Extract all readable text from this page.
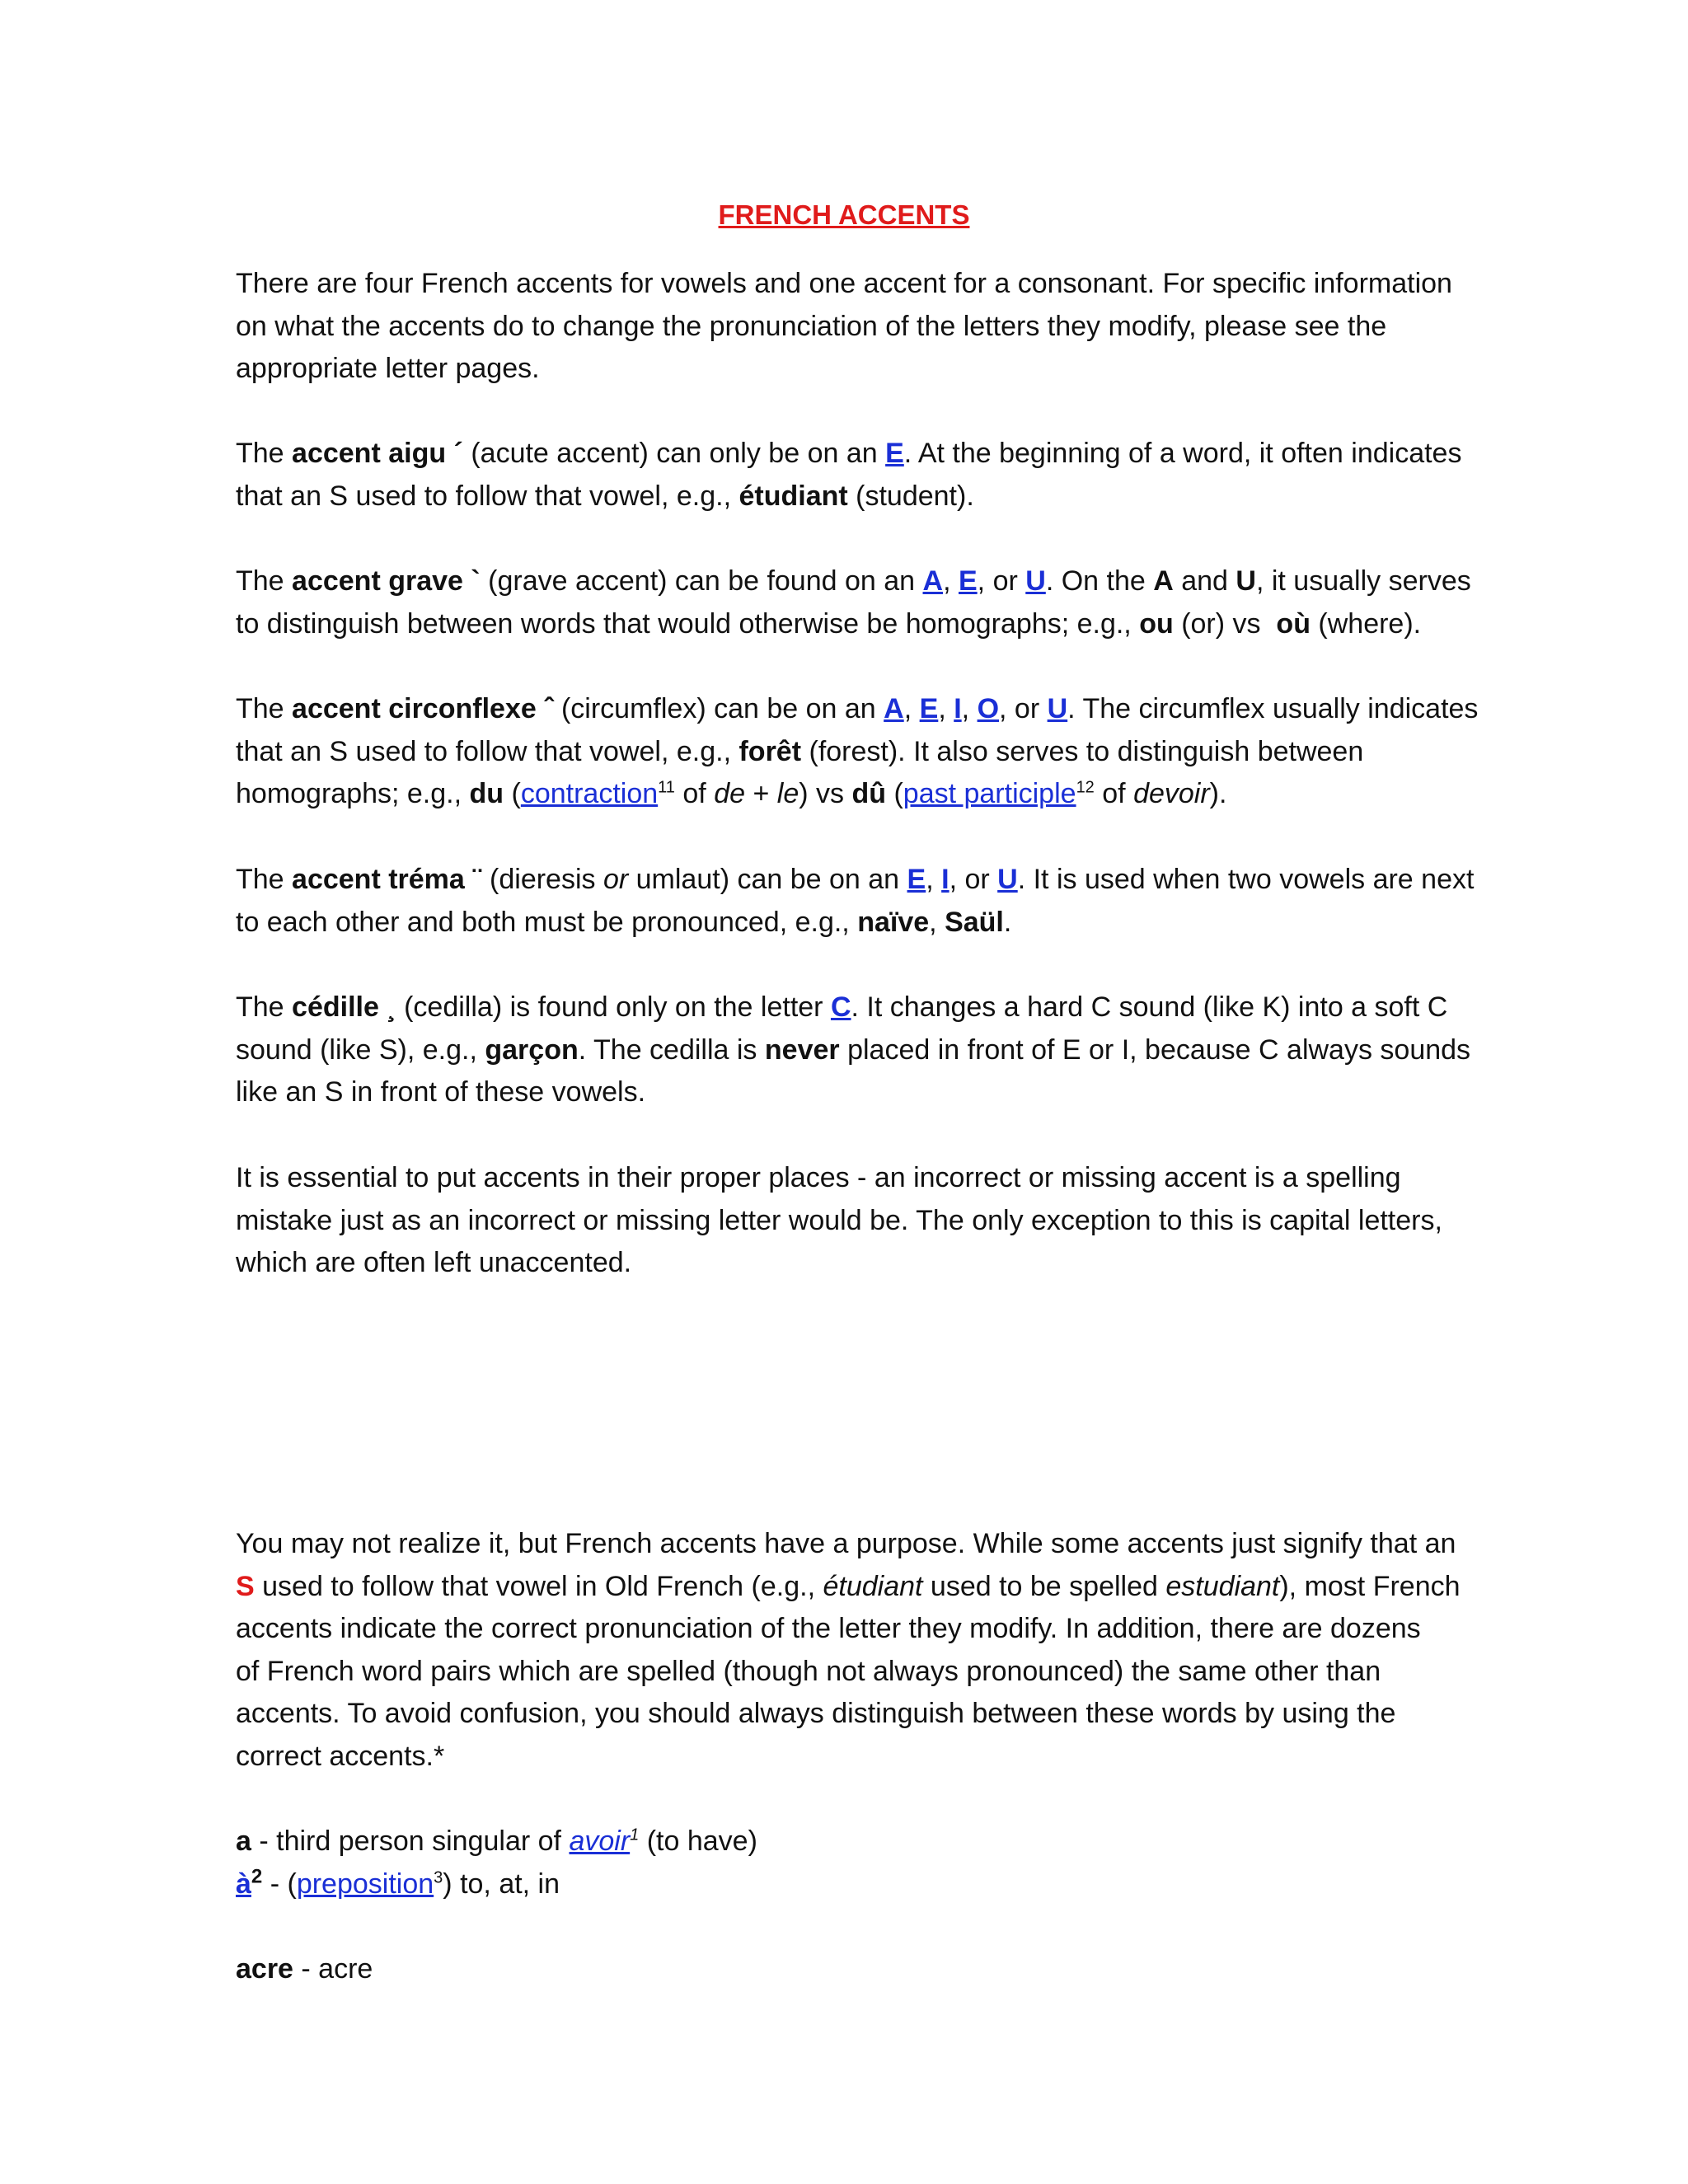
FRENCH ACCENTS
There are four French accents for vowels and one accent for a consonant. For specific information
on what the accents do to change the pronunciation of the letters they modify, please see the
appropriate letter pages.
The accent aigu ´ (acute accent) can only be on an E. At the beginning of a word, it often indicates
that an S used to follow that vowel, e.g., étudiant (student).
The accent grave ` (grave accent) can be found on an A, E, or U. On the A and U, it usually serves
to distinguish between words that would otherwise be homographs; e.g., ou (or) vs  où (where).
The accent circonflexe ˆ (circumflex) can be on an A, E, I, O, or U. The circumflex usually indicates
that an S used to follow that vowel, e.g., forêt (forest). It also serves to distinguish between
homographs; e.g., du (contraction$^{11}$ of de + le) vs dû (past participle$^{12}$ of devoir).
The accent tréma ¨ (dieresis or umlaut) can be on an E, I, or U. It is used when two vowels are next
to each other and both must be pronounced, e.g., naïve, Saül.
The cédille ¸ (cedilla) is found only on the letter C. It changes a hard C sound (like K) into a soft C
sound (like S), e.g., garçon. The cedilla is never placed in front of E or I, because C always sounds
like an S in front of these vowels.
It is essential to put accents in their proper places - an incorrect or missing accent is a spelling
mistake just as an incorrect or missing letter would be. The only exception to this is capital letters,
which are often left unaccented.
You may not realize it, but French accents have a purpose. While some accents just signify that an
S used to follow that vowel in Old French (e.g., étudiant used to be spelled estudiant), most French
accents indicate the correct pronunciation of the letter they modify. In addition, there are dozens
of French word pairs which are spelled (though not always pronounced) the same other than
accents. To avoid confusion, you should always distinguish between these words by using the
correct accents.*
a - third person singular of avoir$^1$ (to have)
$à^2$ - (preposition$^3$) to, at, in
acre - acre
